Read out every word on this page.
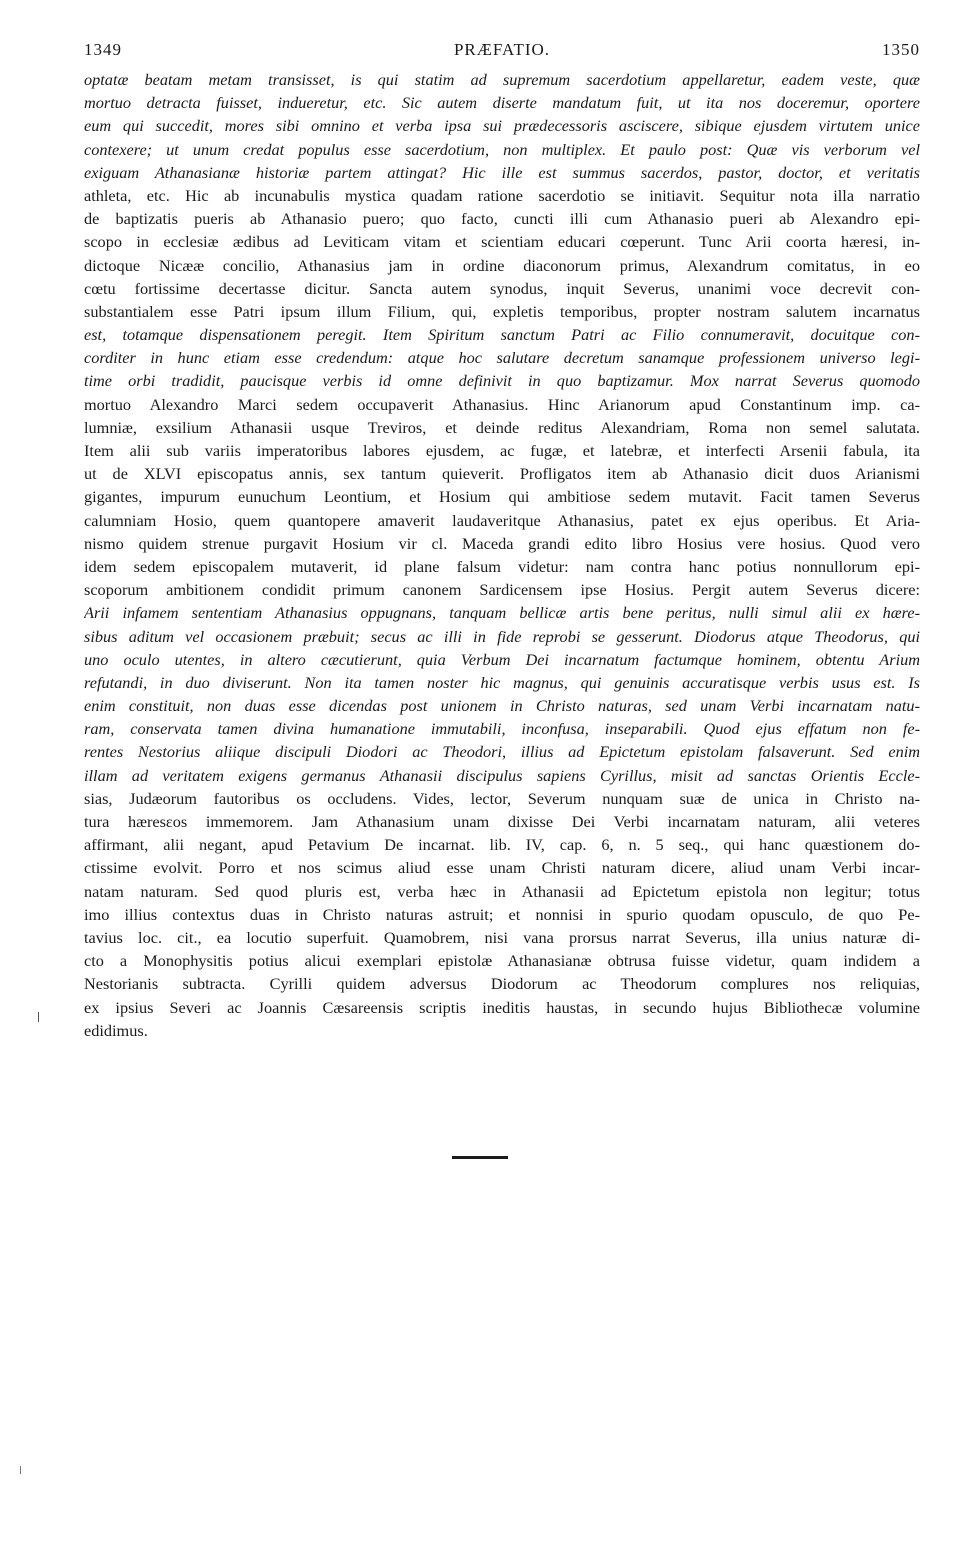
1349	PRÆFATIO.	1350
optatæ beatam metam transisset, is qui statim ad supremum sacerdotium appellaretur, eadem veste, quæ
mortuo detracta fuisset, indueretur, etc. Sic autem diserte mandatum fuit, ut ita nos doceremur, oportere
eum qui succedit, mores sibi omnino et verba ipsa sui prædecessoris asciscere, sibique ejusdem virtutem unice
contexere; ut unum credat populus esse sacerdotium, non multiplex. Et paulo post: Quæ vis verborum vel
exiguam Athanasianæ historiæ partem attingat? Hic ille est summus sacerdos, pastor, doctor, et veritatis
athleta, etc. Hic ab incunabulis mystica quadam ratione sacerdotio se initiavit. Sequitur nota illa narratio
de baptizatis pueris ab Athanasio puero; quo facto, cuncti illi cum Athanasio pueri ab Alexandro epi-
scopo in ecclesiæ ædibus ad Leviticam vitam et scientiam educari cœperunt. Tunc Arii coorta hæresi, in-
dictoque Nicææ concilio, Athanasius jam in ordine diaconorum primus, Alexandrum comitatus, in eo
cœtu fortissime decertasse dicitur. Sancta autem synodus, inquit Severus, unanimi voce decrevit con-
substantialem esse Patri ipsum illum Filium, qui, expletis temporibus, propter nostram salutem incarnatus
est, totamque dispensationem peregit. Item Spiritum sanctum Patri ac Filio connumeravit, docuitque con-
corditer in hunc etiam esse credendum: atque hoc salutare decretum sanamque professionem universo legi-
time orbi tradidit, paucisque verbis id omne definivit in quo baptizamur. Mox narrat Severus quomodo
mortuo Alexandro Marci sedem occupaverit Athanasius. Hinc Arianorum apud Constantinum imp. ca-
lumniæ, exsilium Athanasii usque Treviros, et deinde reditus Alexandriam, Roma non semel salutata.
Item alii sub variis imperatoribus labores ejusdem, ac fugæ, et latebræ, et interfecti Arsenii fabula, ita
ut de XLVI episcopatus annis, sex tantum quieverit. Profligatos item ab Athanasio dicit duos Arianismi
gigantes, impurum eunuchum Leontium, et Hosium qui ambitiose sedem mutavit. Facit tamen Severus
calumniam Hosio, quem quantopere amaverit laudaveritque Athanasius, patet ex ejus operibus. Et Aria-
nismo quidem strenue purgavit Hosium vir cl. Maceda grandi edito libro Hosius vere hosius. Quod vero
idem sedem episcopalem mutaverit, id plane falsum videtur: nam contra hanc potius nonnullorum epi-
scoporum ambitionem condidit primum canonem Sardicensem ipse Hosius. Pergit autem Severus dicere:
Arii infamem sententiam Athanasius oppugnans, tanquam bellicæ artis bene peritus, nulli simul alii ex hære-
sibus aditum vel occasionem præbuit; secus ac illi in fide reprobi se gesserunt. Diodorus atque Theodorus, qui
uno oculo utentes, in altero cæcutierunt, quia Verbum Dei incarnatum factumque hominem, obtentu Arium
refutandi, in duo diviserunt. Non ita tamen noster hic magnus, qui genuinis accuratisque verbis usus est. Is
enim constituit, non duas esse dicendas post unionem in Christo naturas, sed unam Verbi incarnatam natu-
ram, conservata tamen divina humanatione immutabili, inconfusa, inseparabili. Quod ejus effatum non fe-
rentes Nestorius aliique discipuli Diodori ac Theodori, illius ad Epictetum epistolam falsaverunt. Sed enim
illam ad veritatem exigens germanus Athanasii discipulus sapiens Cyrillus, misit ad sanctas Orientis Eccle-
sias, Judæorum fautoribus os occludens. Vides, lector, Severum nunquam suæ de unica in Christo na-
tura hæresεos immemorem. Jam Athanasium unam dixisse Dei Verbi incarnatam naturam, alii veteres
affirmant, alii negant, apud Petavium De incarnat. lib. IV, cap. 6, n. 5 seq., qui hanc quæstionem do-
ctissime evolvit. Porro et nos scimus aliud esse unam Christi naturam dicere, aliud unam Verbi incar-
natam naturam. Sed quod pluris est, verba hæc in Athanasii ad Epictetum epistola non legitur; totus
imo illius contextus duas in Christo naturas astruit; et nonnisi in spurio quodam opusculo, de quo Pe-
tavius loc. cit., ea locutio superfuit. Quamobrem, nisi vana prorsus narrat Severus, illa unius naturæ di-
cto a Monophysitis potius alicui exemplari epistolæ Athanasianæ obtrusa fuisse videtur, quam indidem a
Nestorianis subtracta. Cyrilli quidem adversus Diodorum ac Theodorum complures nos reliquias,
ex ipsius Severi ac Joannis Cæsareensis scriptis ineditis haustas, in secundo hujus Bibliothecæ volumine
edidimus.
